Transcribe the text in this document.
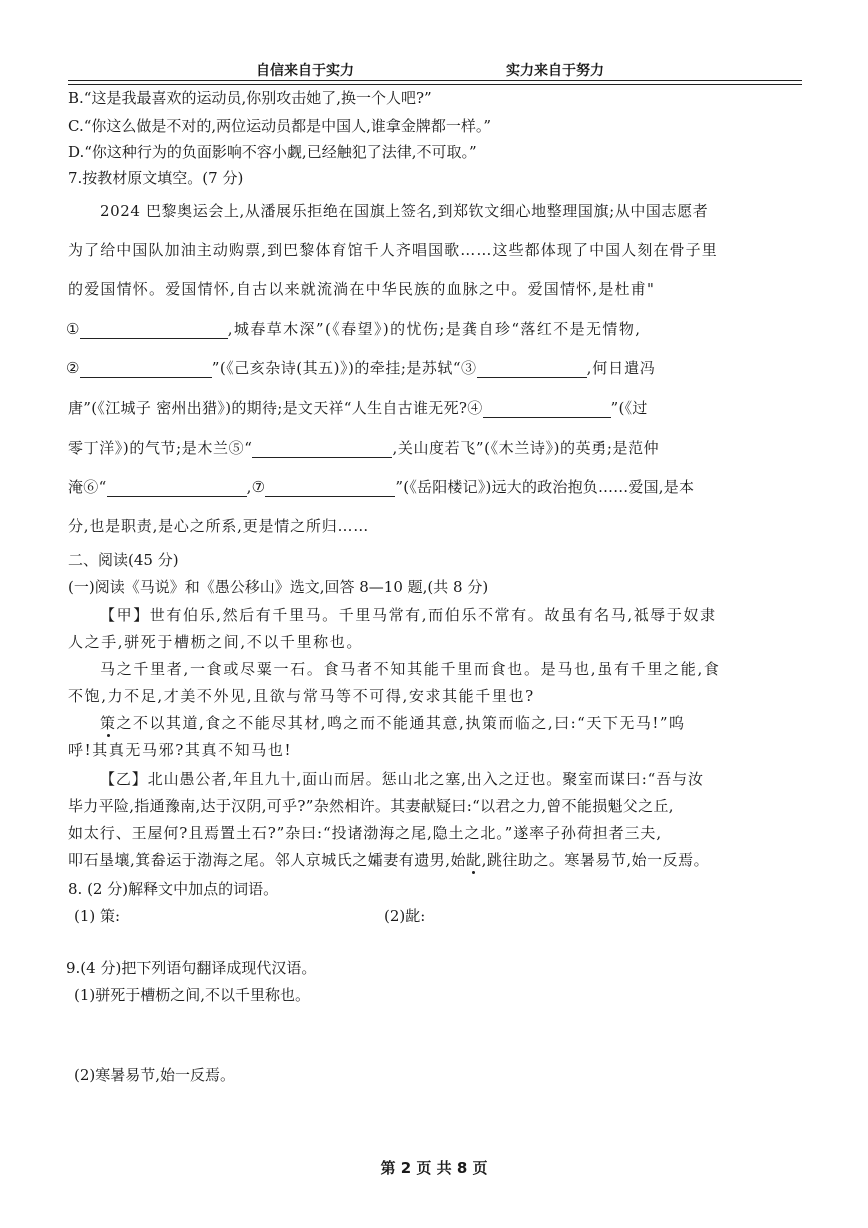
自信来自于实力	实力来自于努力
B.“这是我最喜欢的运动员,你别攻击她了,换一个人吧?”
C.“你这么做是不对的,两位运动员都是中国人,谁拿金牌都一样。”
D.“你这种行为的负面影响不容小觑,已经触犯了法律,不可取。”
7.按教材原文填空。(7 分)
2024 巴黎奥运会上,从潘展乐拒绝在国旗上签名,到郑钦文细心地整理国旗;从中国志愿者
为了给中国队加油主动购票,到巴黎体育馆千人齐唱国歌……这些都体现了中国人刻在骨子里
的爱国情怀。爱国情怀,自古以来就流淌在中华民族的血脉之中。爱国情怀,是杜甫"
①	,城春草木深”(《春望》)的忧伤;是龚自珍“落红不是无情物,
②	”(《己亥杂诗(其五)》)的牵挂;是苏轼“③	,何日遣冯
唐”(《江城子 密州出猎》)的期待;是文天祥“人生自古谁无死?④	”(《过
零丁洋》)的气节;是木兰⑤“	,关山度若飞”(《木兰诗》)的英勇;是范仲
淹⑥“	,⑦	”(《岳阳楼记》)远大的政治抱负……爱国,是本
分,也是职责,是心之所系,更是情之所归……
二、阅读(45 分)
(一)阅读《马说》和《愚公移山》选文,回答 8—10 题,(共 8 分)
【甲】世有伯乐,然后有千里马。千里马常有,而伯乐不常有。故虽有名马,祗辱于奴隶
人之手,骈死于槽枥之间,不以千里称也。
马之千里者,一食或尽粟一石。食马者不知其能千里而食也。是马也,虽有千里之能,食
不饱,力不足,才美不外见,且欲与常马等不可得,安求其能千里也?
策之不以其道,食之不能尽其材,鸣之而不能通其意,执策而临之,曰:“天下无马!”呜
呼!其真无马邪?其真不知马也!
【乙】北山愚公者,年且九十,面山而居。惩山北之塞,出入之迂也。聚室而谋曰:“吾与汝
毕力平险,指通豫南,达于汉阴,可乎?”杂然相许。其妻献疑曰:“以君之力,曾不能损魁父之丘,
如太行、王屋何?且焉置土石?”杂曰:“投诸渤海之尾,隐土之北。”遂率子孙荷担者三夫,
叩石垦壤,箕畚运于渤海之尾。邻人京城氏之孀妻有遗男,始龀,跳往助之。寒暑易节,始一反焉。
8. (2 分)解释文中加点的词语。
(1) 策:	(2)龀:
9.(4 分)把下列语句翻译成现代汉语。
(1)骈死于槽枥之间,不以千里称也。
(2)寒暑易节,始一反焉。
第 2 页 共 8 页
